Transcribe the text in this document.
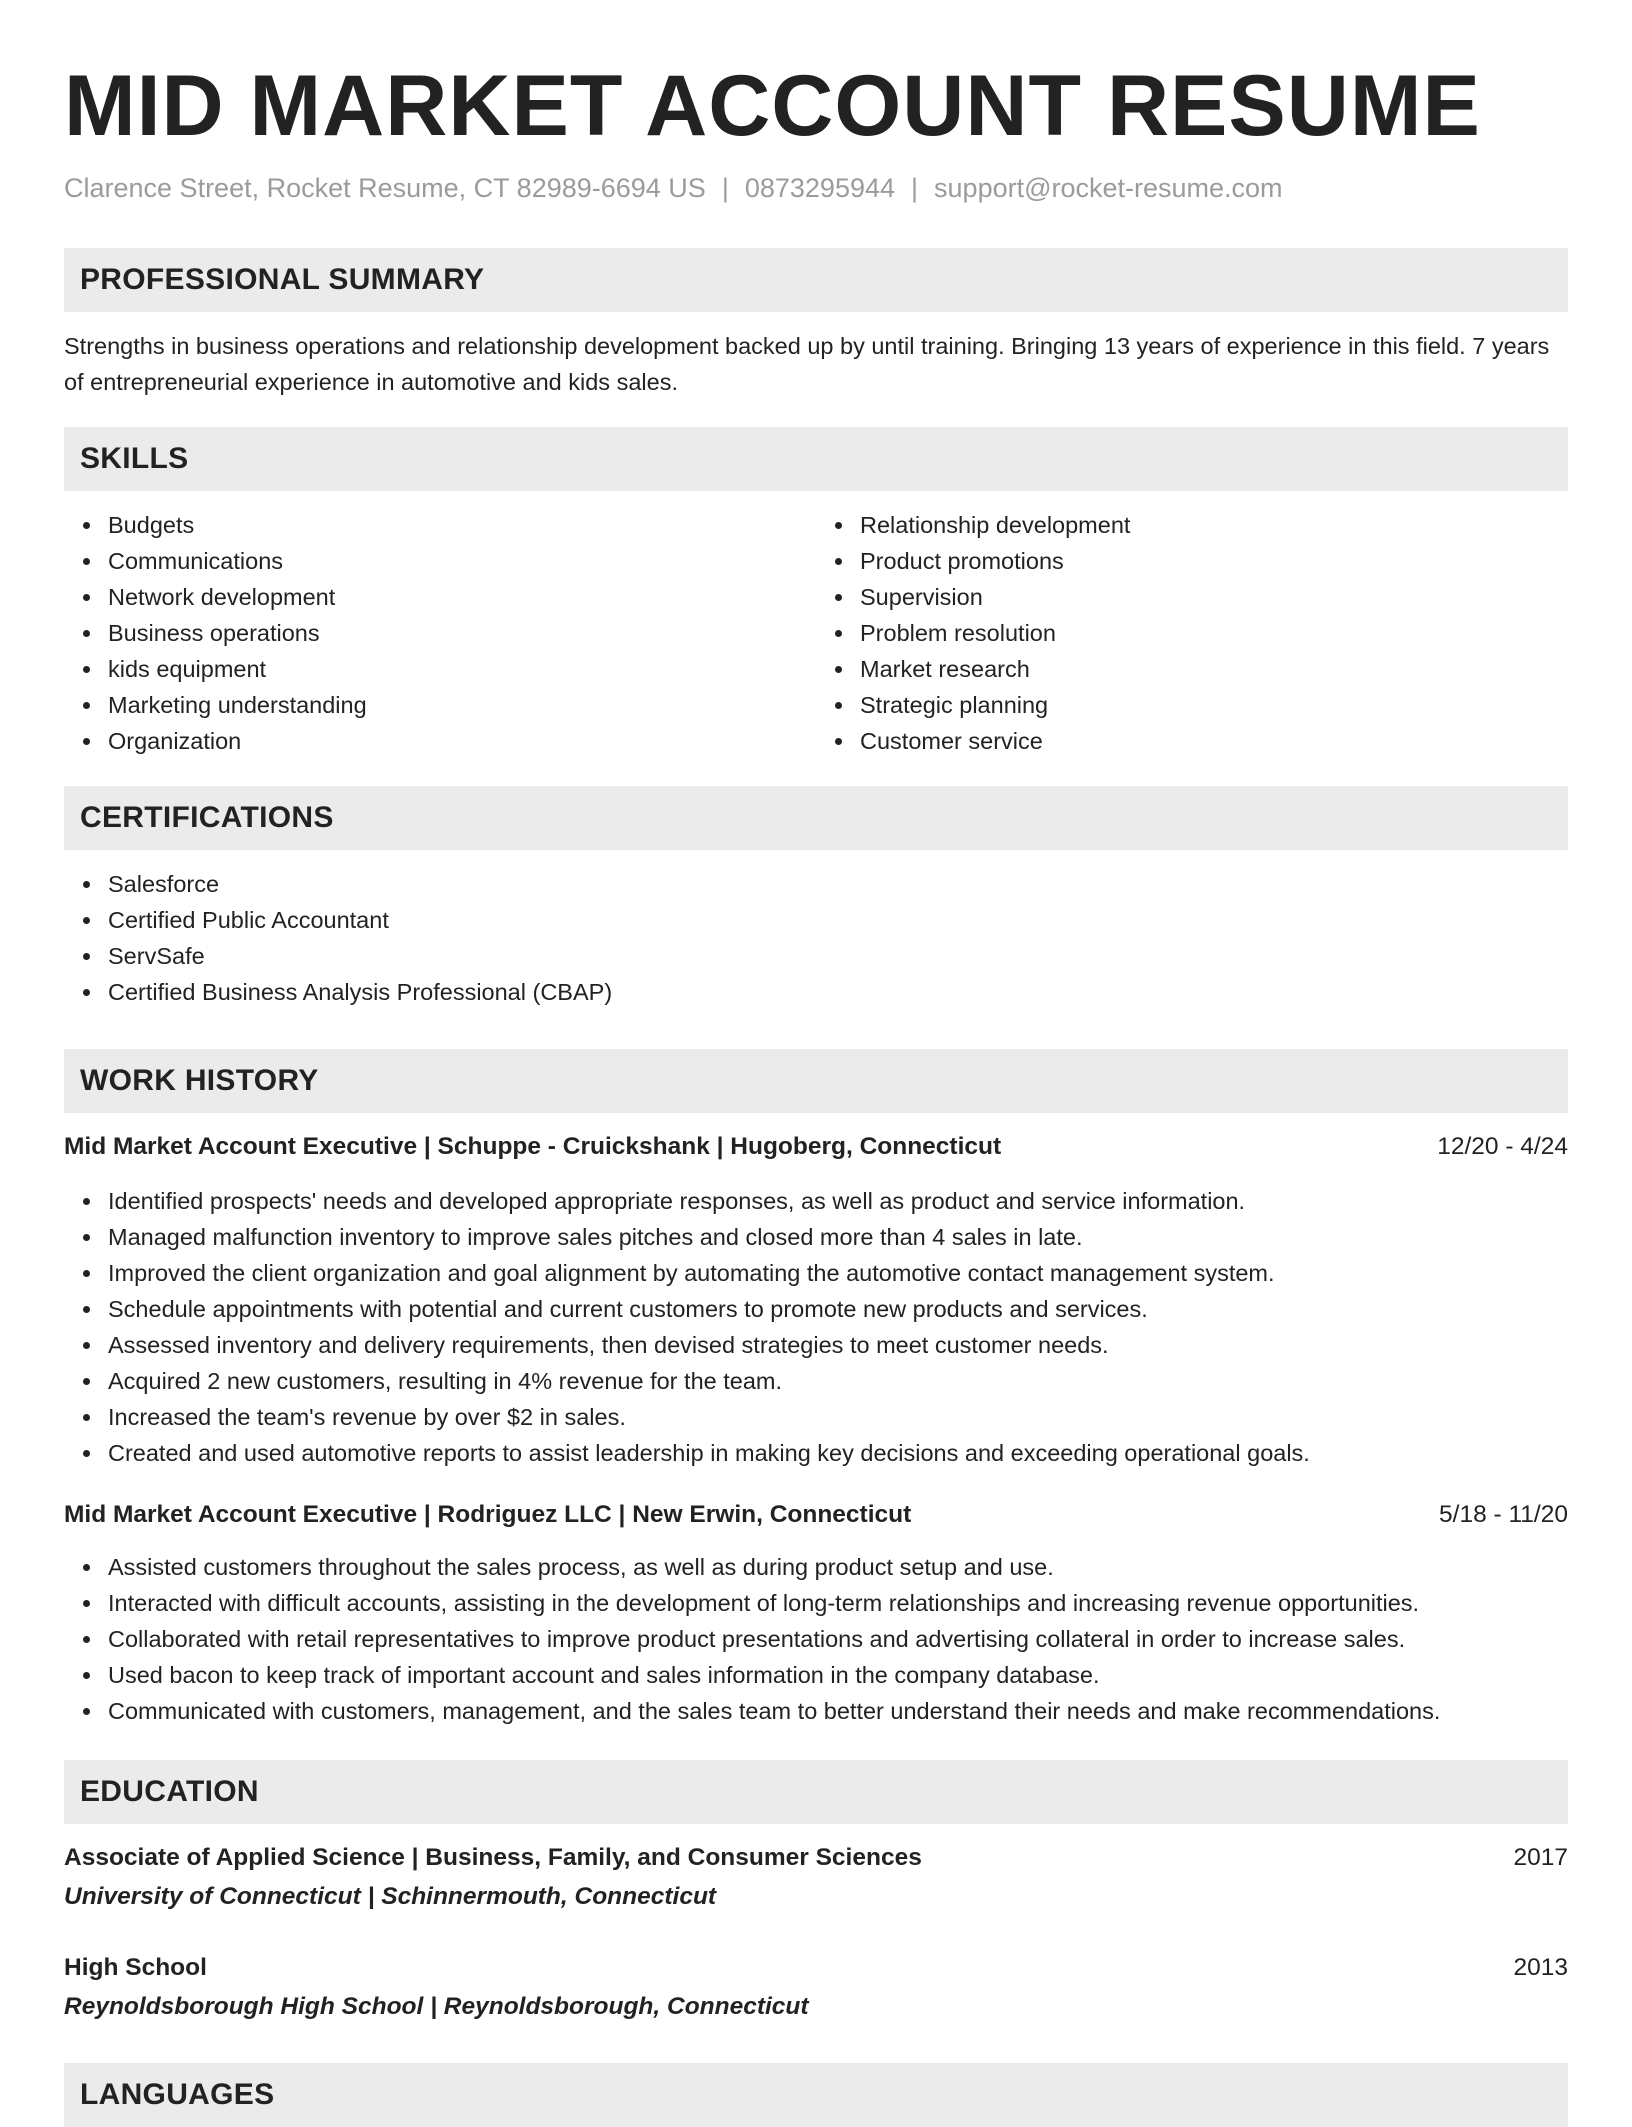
MID MARKET ACCOUNT RESUME
Clarence Street, Rocket Resume, CT 82989-6694 US | 0873295944 | support@rocket-resume.com
PROFESSIONAL SUMMARY

Strengths in business operations and relationship development backed up by until training. Bringing 13 years of experience in this field. 7 years of entrepreneurial experience in automotive and kids sales.

SKILLS
Budgets
Communications
Network development
Business operations
kids equipment
Marketing understanding
Organization
Relationship development
Product promotions
Supervision
Problem resolution
Market research
Strategic planning
Customer service
CERTIFICATIONS
Salesforce
Certified Public Accountant
ServSafe
Certified Business Analysis Professional (CBAP)
WORK HISTORY
Mid Market Account Executive | Schuppe - Cruickshank | Hugoberg, Connecticut	12/20 - 4/24
Identified prospects' needs and developed appropriate responses, as well as product and service information.
Managed malfunction inventory to improve sales pitches and closed more than 4 sales in late.
Improved the client organization and goal alignment by automating the automotive contact management system.
Schedule appointments with potential and current customers to promote new products and services.
Assessed inventory and delivery requirements, then devised strategies to meet customer needs.
Acquired 2 new customers, resulting in 4% revenue for the team.
Increased the team's revenue by over $2 in sales.
Created and used automotive reports to assist leadership in making key decisions and exceeding operational goals.
Mid Market Account Executive | Rodriguez LLC | New Erwin, Connecticut	5/18 - 11/20
Assisted customers throughout the sales process, as well as during product setup and use.
Interacted with difficult accounts, assisting in the development of long-term relationships and increasing revenue opportunities.
Collaborated with retail representatives to improve product presentations and advertising collateral in order to increase sales.
Used bacon to keep track of important account and sales information in the company database.
Communicated with customers, management, and the sales team to better understand their needs and make recommendations.
EDUCATION
Associate of Applied Science | Business, Family, and Consumer Sciences	2017
University of Connecticut | Schinnermouth, Connecticut
High School	2013
Reynoldsborough High School | Reynoldsborough, Connecticut
LANGUAGES
